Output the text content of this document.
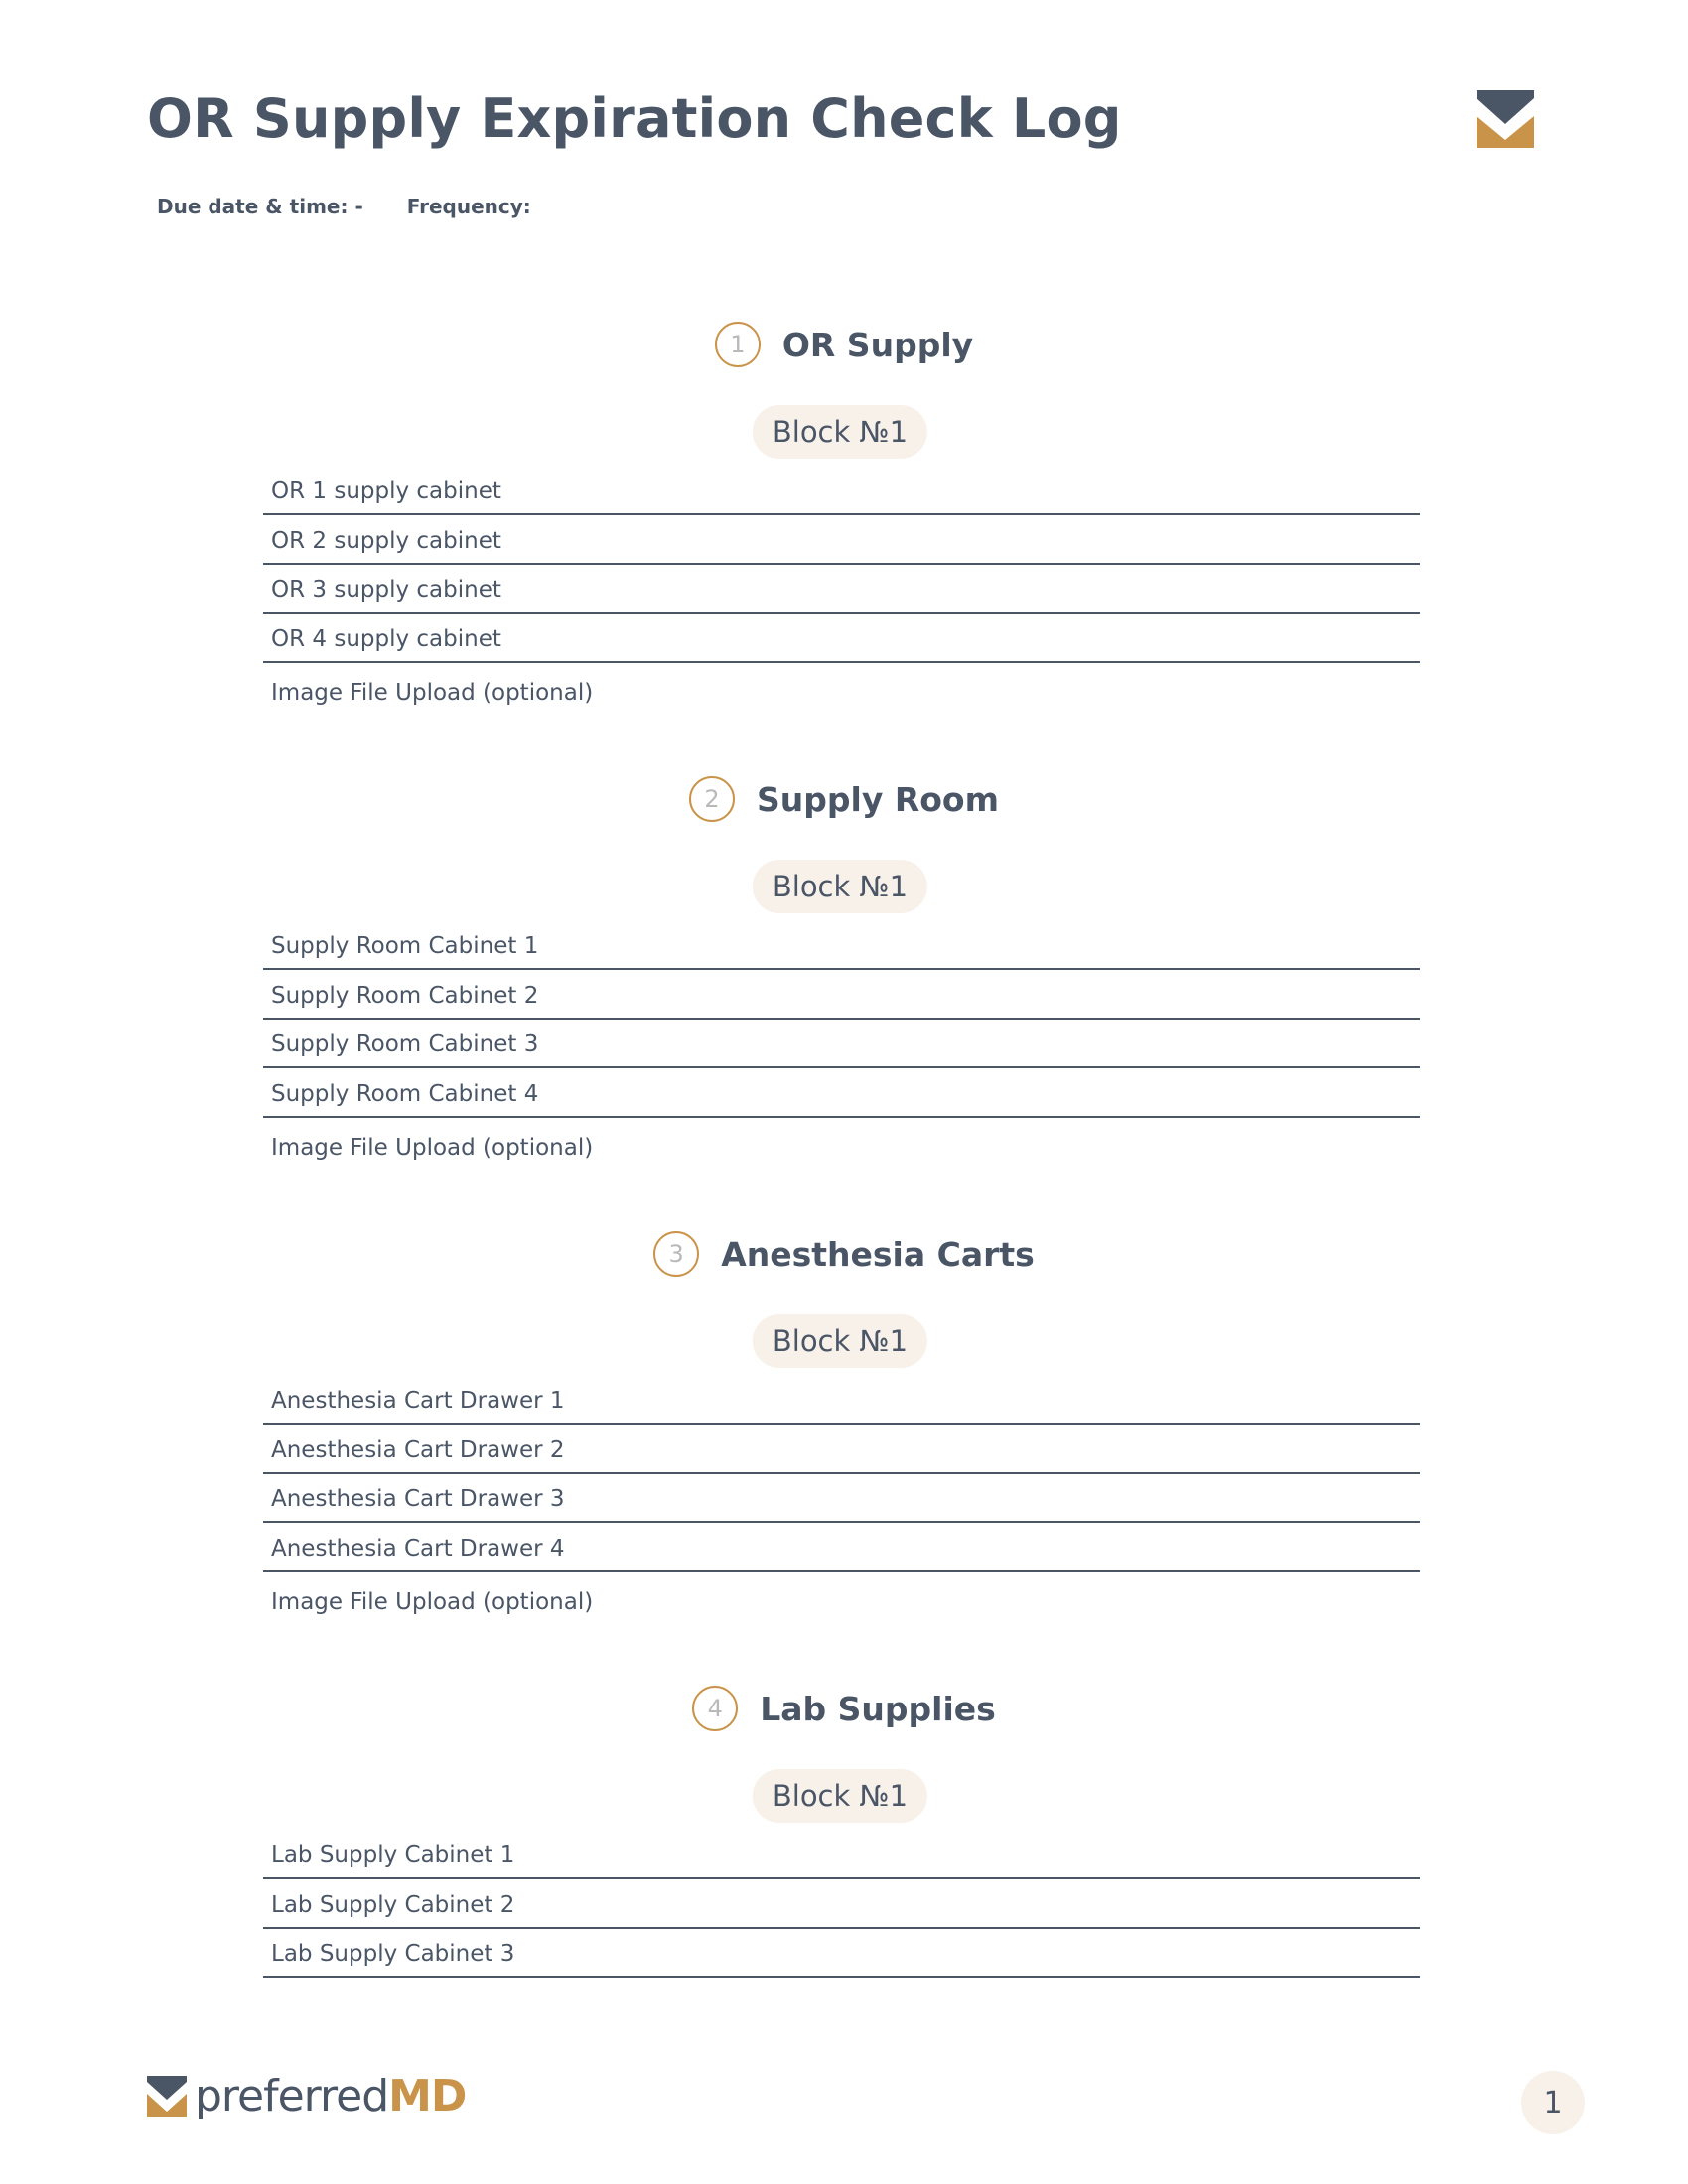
OR Supply Expiration Check Log
Due date & time: - Frequency:
1	OR Supply
Block №1
OR 1 supply cabinet
OR 2 supply cabinet
OR 3 supply cabinet
OR 4 supply cabinet
Image File Upload (optional)
2	Supply Room
Block №1
Supply Room Cabinet 1
Supply Room Cabinet 2
Supply Room Cabinet 3
Supply Room Cabinet 4
Image File Upload (optional)
3	Anesthesia Carts
Block №1
Anesthesia Cart Drawer 1
Anesthesia Cart Drawer 2
Anesthesia Cart Drawer 3
Anesthesia Cart Drawer 4
Image File Upload (optional)
4	Lab Supplies
Block №1
Lab Supply Cabinet 1
Lab Supply Cabinet 2
Lab Supply Cabinet 3
preferred MD	1
